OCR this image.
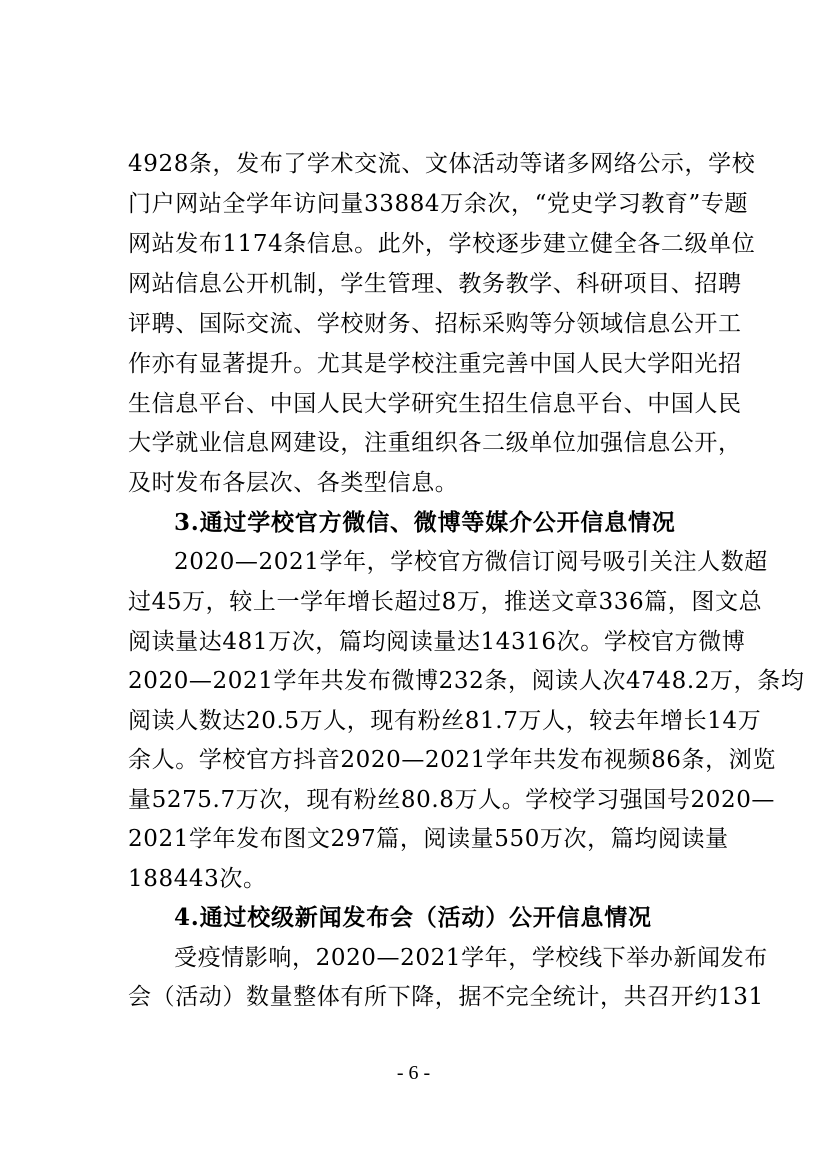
4928条，发布了学术交流、文体活动等诸多网络公示，学校
门户网站全学年访问量33884万余次，“党史学习教育”专题
网站发布1174条信息。此外，学校逐步建立健全各二级单位
网站信息公开机制，学生管理、教务教学、科研项目、招聘
评聘、国际交流、学校财务、招标采购等分领域信息公开工
作亦有显著提升。尤其是学校注重完善中国人民大学阳光招
生信息平台、中国人民大学研究生招生信息平台、中国人民
大学就业信息网建设，注重组织各二级单位加强信息公开，
及时发布各层次、各类型信息。
3.通过学校官方微信、微博等媒介公开信息情况
2020—2021学年，学校官方微信订阅号吸引关注人数超
过45万，较上一学年增长超过8万，推送文章336篇，图文总
阅读量达481万次，篇均阅读量达14316次。学校官方微博
2020—2021学年共发布微博232条，阅读人次4748.2万，条均
阅读人数达20.5万人，现有粉丝81.7万人，较去年增长14万
余人。学校官方抖音2020—2021学年共发布视频86条，浏览
量5275.7万次，现有粉丝80.8万人。学校学习强国号2020—
2021学年发布图文297篇，阅读量550万次，篇均阅读量
188443次。
4.通过校级新闻发布会（活动）公开信息情况
受疫情影响，2020—2021学年，学校线下举办新闻发布
会（活动）数量整体有所下降，据不完全统计，共召开约131
- 6 -
